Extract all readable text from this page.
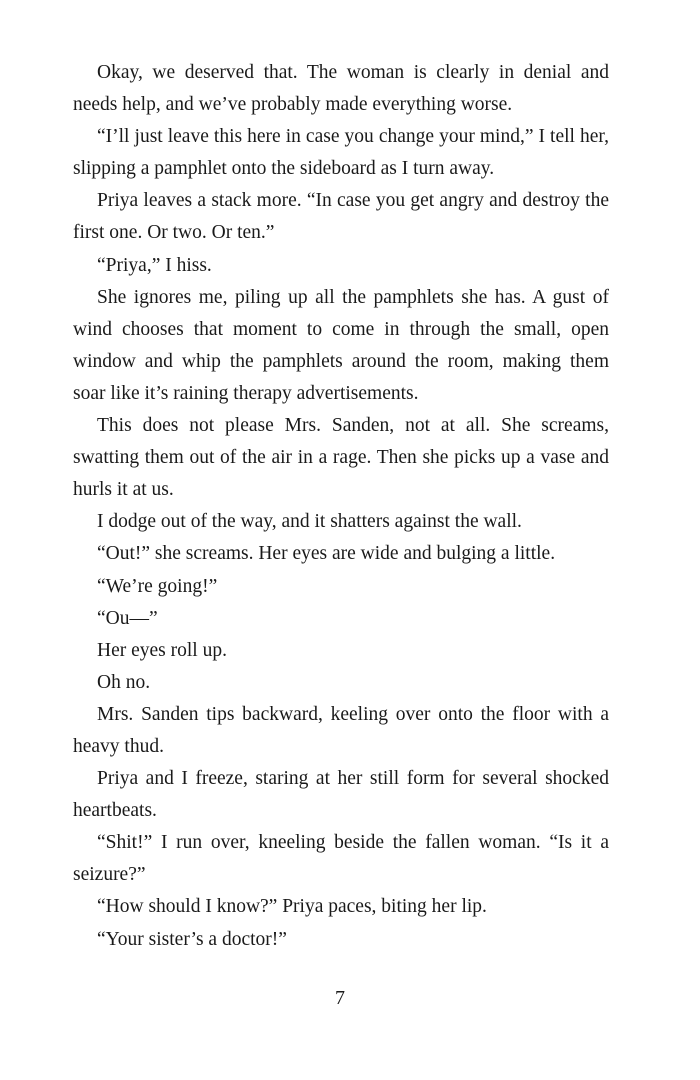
Okay, we deserved that. The woman is clearly in denial and needs help, and we’ve probably made everything worse.

“I’ll just leave this here in case you change your mind,” I tell her, slipping a pamphlet onto the sideboard as I turn away.

Priya leaves a stack more. “In case you get angry and destroy the first one. Or two. Or ten.”

“Priya,” I hiss.

She ignores me, piling up all the pamphlets she has. A gust of wind chooses that moment to come in through the small, open window and whip the pamphlets around the room, making them soar like it’s raining therapy advertisements.

This does not please Mrs. Sanden, not at all. She screams, swatting them out of the air in a rage. Then she picks up a vase and hurls it at us.

I dodge out of the way, and it shatters against the wall.

“Out!” she screams. Her eyes are wide and bulging a little.

“We’re going!”

“Ou—”

Her eyes roll up.

Oh no.

Mrs. Sanden tips backward, keeling over onto the floor with a heavy thud.

Priya and I freeze, staring at her still form for several shocked heartbeats.

“Shit!” I run over, kneeling beside the fallen woman. “Is it a seizure?”

“How should I know?” Priya paces, biting her lip.

“Your sister’s a doctor!”

7
